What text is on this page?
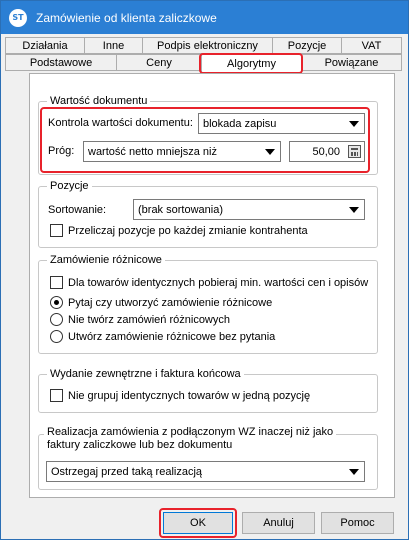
ST Zamówienie od klienta zaliczkowe
Działania	Inne	Podpis elektroniczny	Pozycje	VAT
Podstawowe	Ceny	Algorytmy	Powiązane
Wartość dokumentu
Kontrola wartości dokumentu: blokada zapisu
Próg: wartość netto mniejsza niż	50,00
Pozycje
Sortowanie:	(brak sortowania)
Przeliczaj pozycje po każdej zmianie kontrahenta
Zamówienie różnicowe
Dla towarów identycznych pobieraj min. wartości cen i opisów
Pytaj czy utworzyć zamówienie różnicowe
Nie twórz zamówień różnicowych
Utwórz zamówienie różnicowe bez pytania
Wydanie zewnętrzne i faktura końcowa
Nie grupuj identycznych towarów w jedną pozycję
Realizacja zamówienia z podłączonym WZ inaczej niż jako
faktury zaliczkowe lub bez dokumentu
Ostrzegaj przed taką realizacją
OK	Anuluj	Pomoc
